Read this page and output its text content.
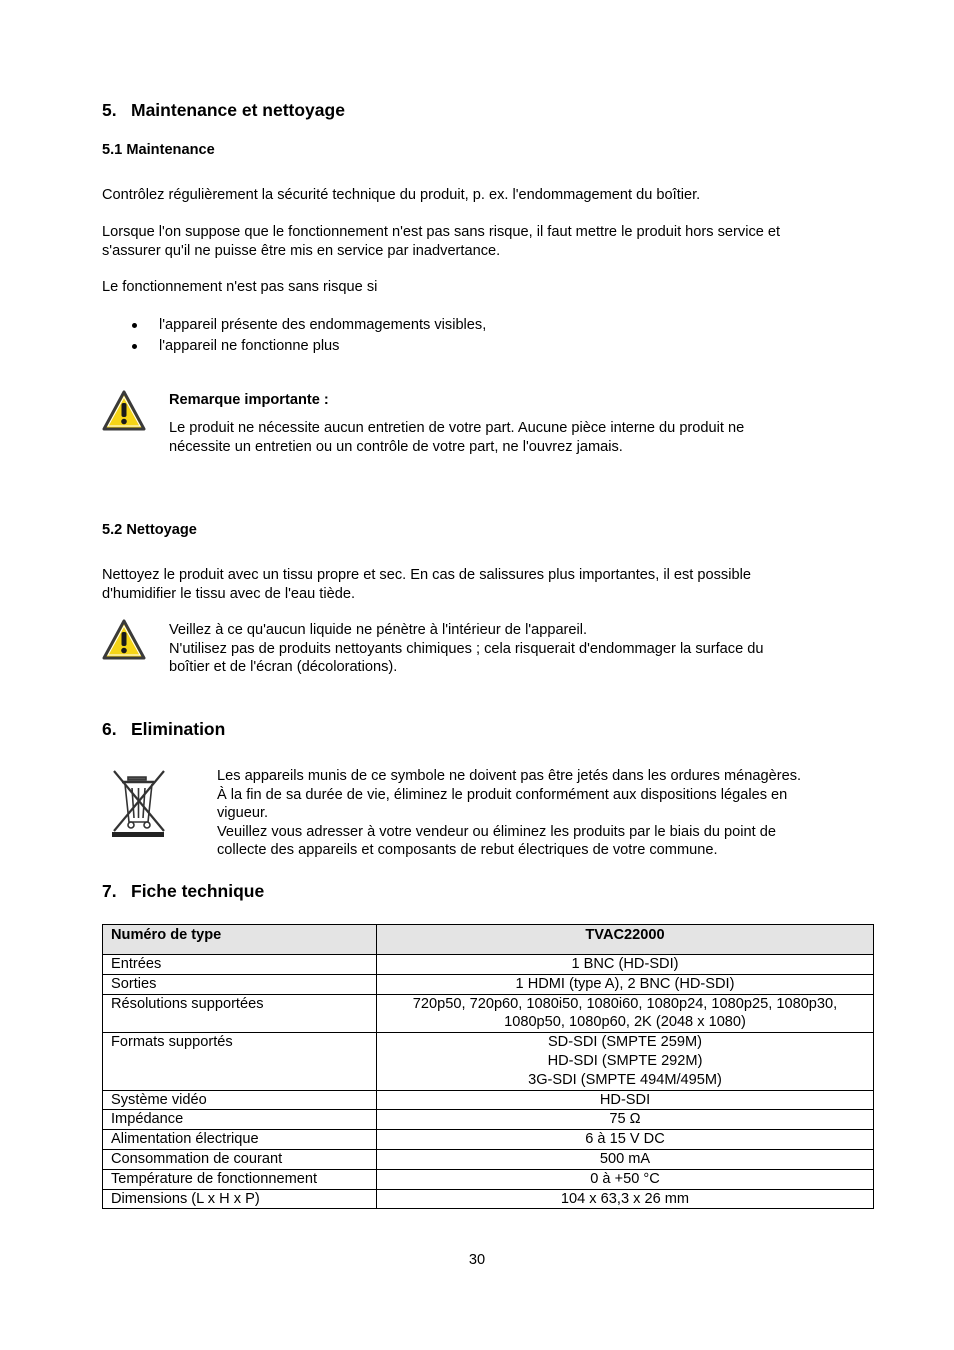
5. Maintenance et nettoyage
5.1 Maintenance
Contrôlez régulièrement la sécurité technique du produit, p. ex. l'endommagement du boîtier.
Lorsque l'on suppose que le fonctionnement n'est pas sans risque, il faut mettre le produit hors service et
s'assurer qu'il ne puisse être mis en service par inadvertance.
Le fonctionnement n'est pas sans risque si
l'appareil présente des endommagements visibles,
l'appareil ne fonctionne plus
Remarque importante :
Le produit ne nécessite aucun entretien de votre part. Aucune pièce interne du produit ne
nécessite un entretien ou un contrôle de votre part, ne l'ouvrez jamais.
5.2 Nettoyage
Nettoyez le produit avec un tissu propre et sec. En cas de salissures plus importantes, il est possible
d'humidifier le tissu avec de l'eau tiède.
Veillez à ce qu'aucun liquide ne pénètre à l'intérieur de l'appareil.
N'utilisez pas de produits nettoyants chimiques ; cela risquerait d'endommager la surface du
boîtier et de l'écran (décolorations).
6. Elimination
Les appareils munis de ce symbole ne doivent pas être jetés dans les ordures ménagères.
À la fin de sa durée de vie, éliminez le produit conformément aux dispositions légales en
vigueur.
Veuillez vous adresser à votre vendeur ou éliminez les produits par le biais du point de
collecte des appareils et composants de rebut électriques de votre commune.
7. Fiche technique
Numéro de type	TVAC22000
Entrées	1 BNC (HD-SDI)

Sorties	1 HDMI (type A), 2 BNC (HD-SDI)

Résolutions supportées	720p50, 720p60, 1080i50, 1080i60, 1080p24, 1080p25, 1080p30,
1080p50, 1080p60, 2K (2048 x 1080)

Formats supportés	SD-SDI (SMPTE 259M)
HD-SDI (SMPTE 292M)
3G-SDI (SMPTE 494M/495M)

Système vidéo	HD-SDI

Impédance	75 Ω

Alimentation électrique	6 à 15 V DC

Consommation de courant	500 mA

Température de fonctionnement	0 à +50 °C

Dimensions (L x H x P)	104 x 63,3 x 26 mm
30
